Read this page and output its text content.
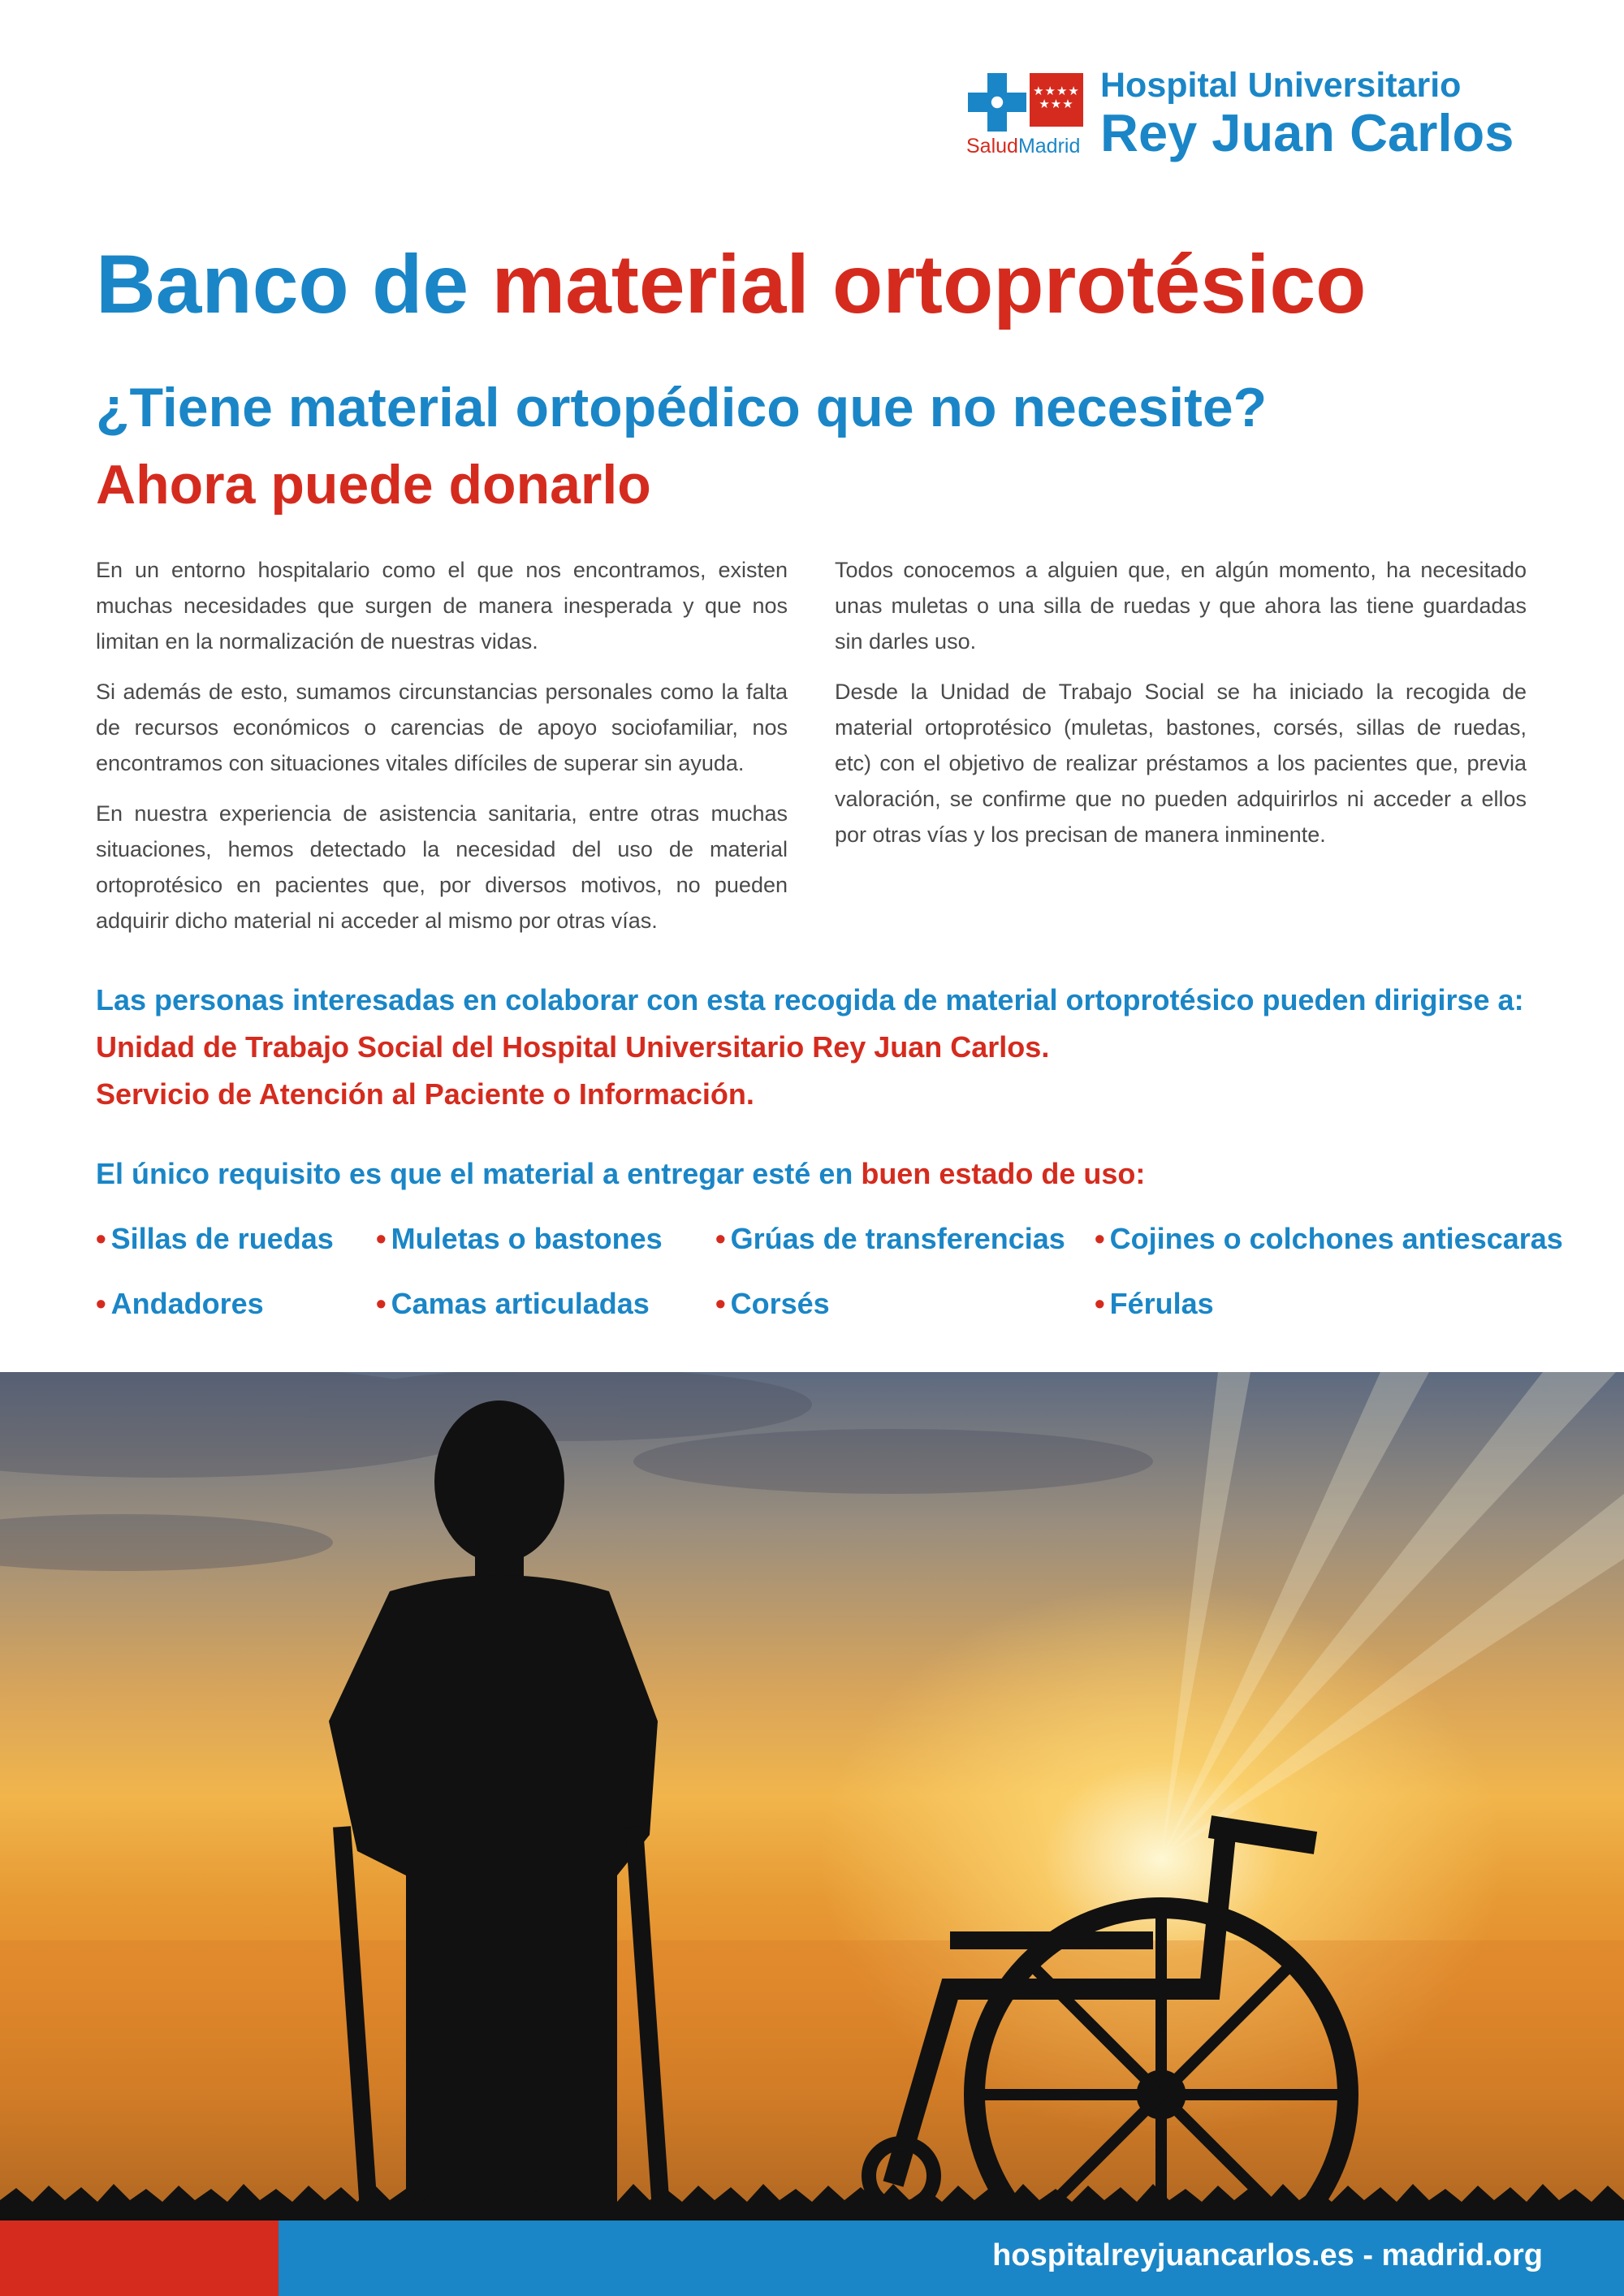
★★★★
★★★
SaludMadrid
Hospital Universitario
Rey Juan Carlos
Banco de material ortoprotésico
¿Tiene material ortopédico que no necesite?
Ahora puede donarlo

En un entorno hospitalario como el que nos encontramos, existen muchas necesidades que surgen de manera inesperada y que nos limitan en la normalización de nuestras vidas.

Si además de esto, sumamos circunstancias personales como la falta de recursos económicos o carencias de apoyo sociofamiliar, nos encontramos con situaciones vitales difíciles de superar sin ayuda.

En nuestra experiencia de asistencia sanitaria, entre otras muchas situaciones, hemos detectado la necesidad del uso de material ortoprotésico en pacientes que, por diversos motivos, no pueden adquirir dicho material ni acceder al mismo por otras vías.

Todos conocemos a alguien que, en algún momento, ha necesitado unas muletas o una silla de ruedas y que ahora las tiene guardadas sin darles uso.

Desde la Unidad de Trabajo Social se ha iniciado la recogida de material ortoprotésico (muletas, bastones, corsés, sillas de ruedas, etc) con el objetivo de realizar préstamos a los pacientes que, previa valoración, se confirme que no pueden adquirirlos ni acceder a ellos por otras vías y los precisan de manera inminente.

Las personas interesadas en colaborar con esta recogida de material ortoprotésico pueden dirigirse a:
Unidad de Trabajo Social del Hospital Universitario Rey Juan Carlos.
Servicio de Atención al Paciente o Información.
El único requisito es que el material a entregar esté en buen estado de uso:
• Sillas de ruedas • Muletas o bastones • Grúas de transferencias • Cojines o colchones antiescaras
• Andadores	• Camas articuladas • Corsés	• Férulas
hospitalreyjuancarlos.es - madrid.org
